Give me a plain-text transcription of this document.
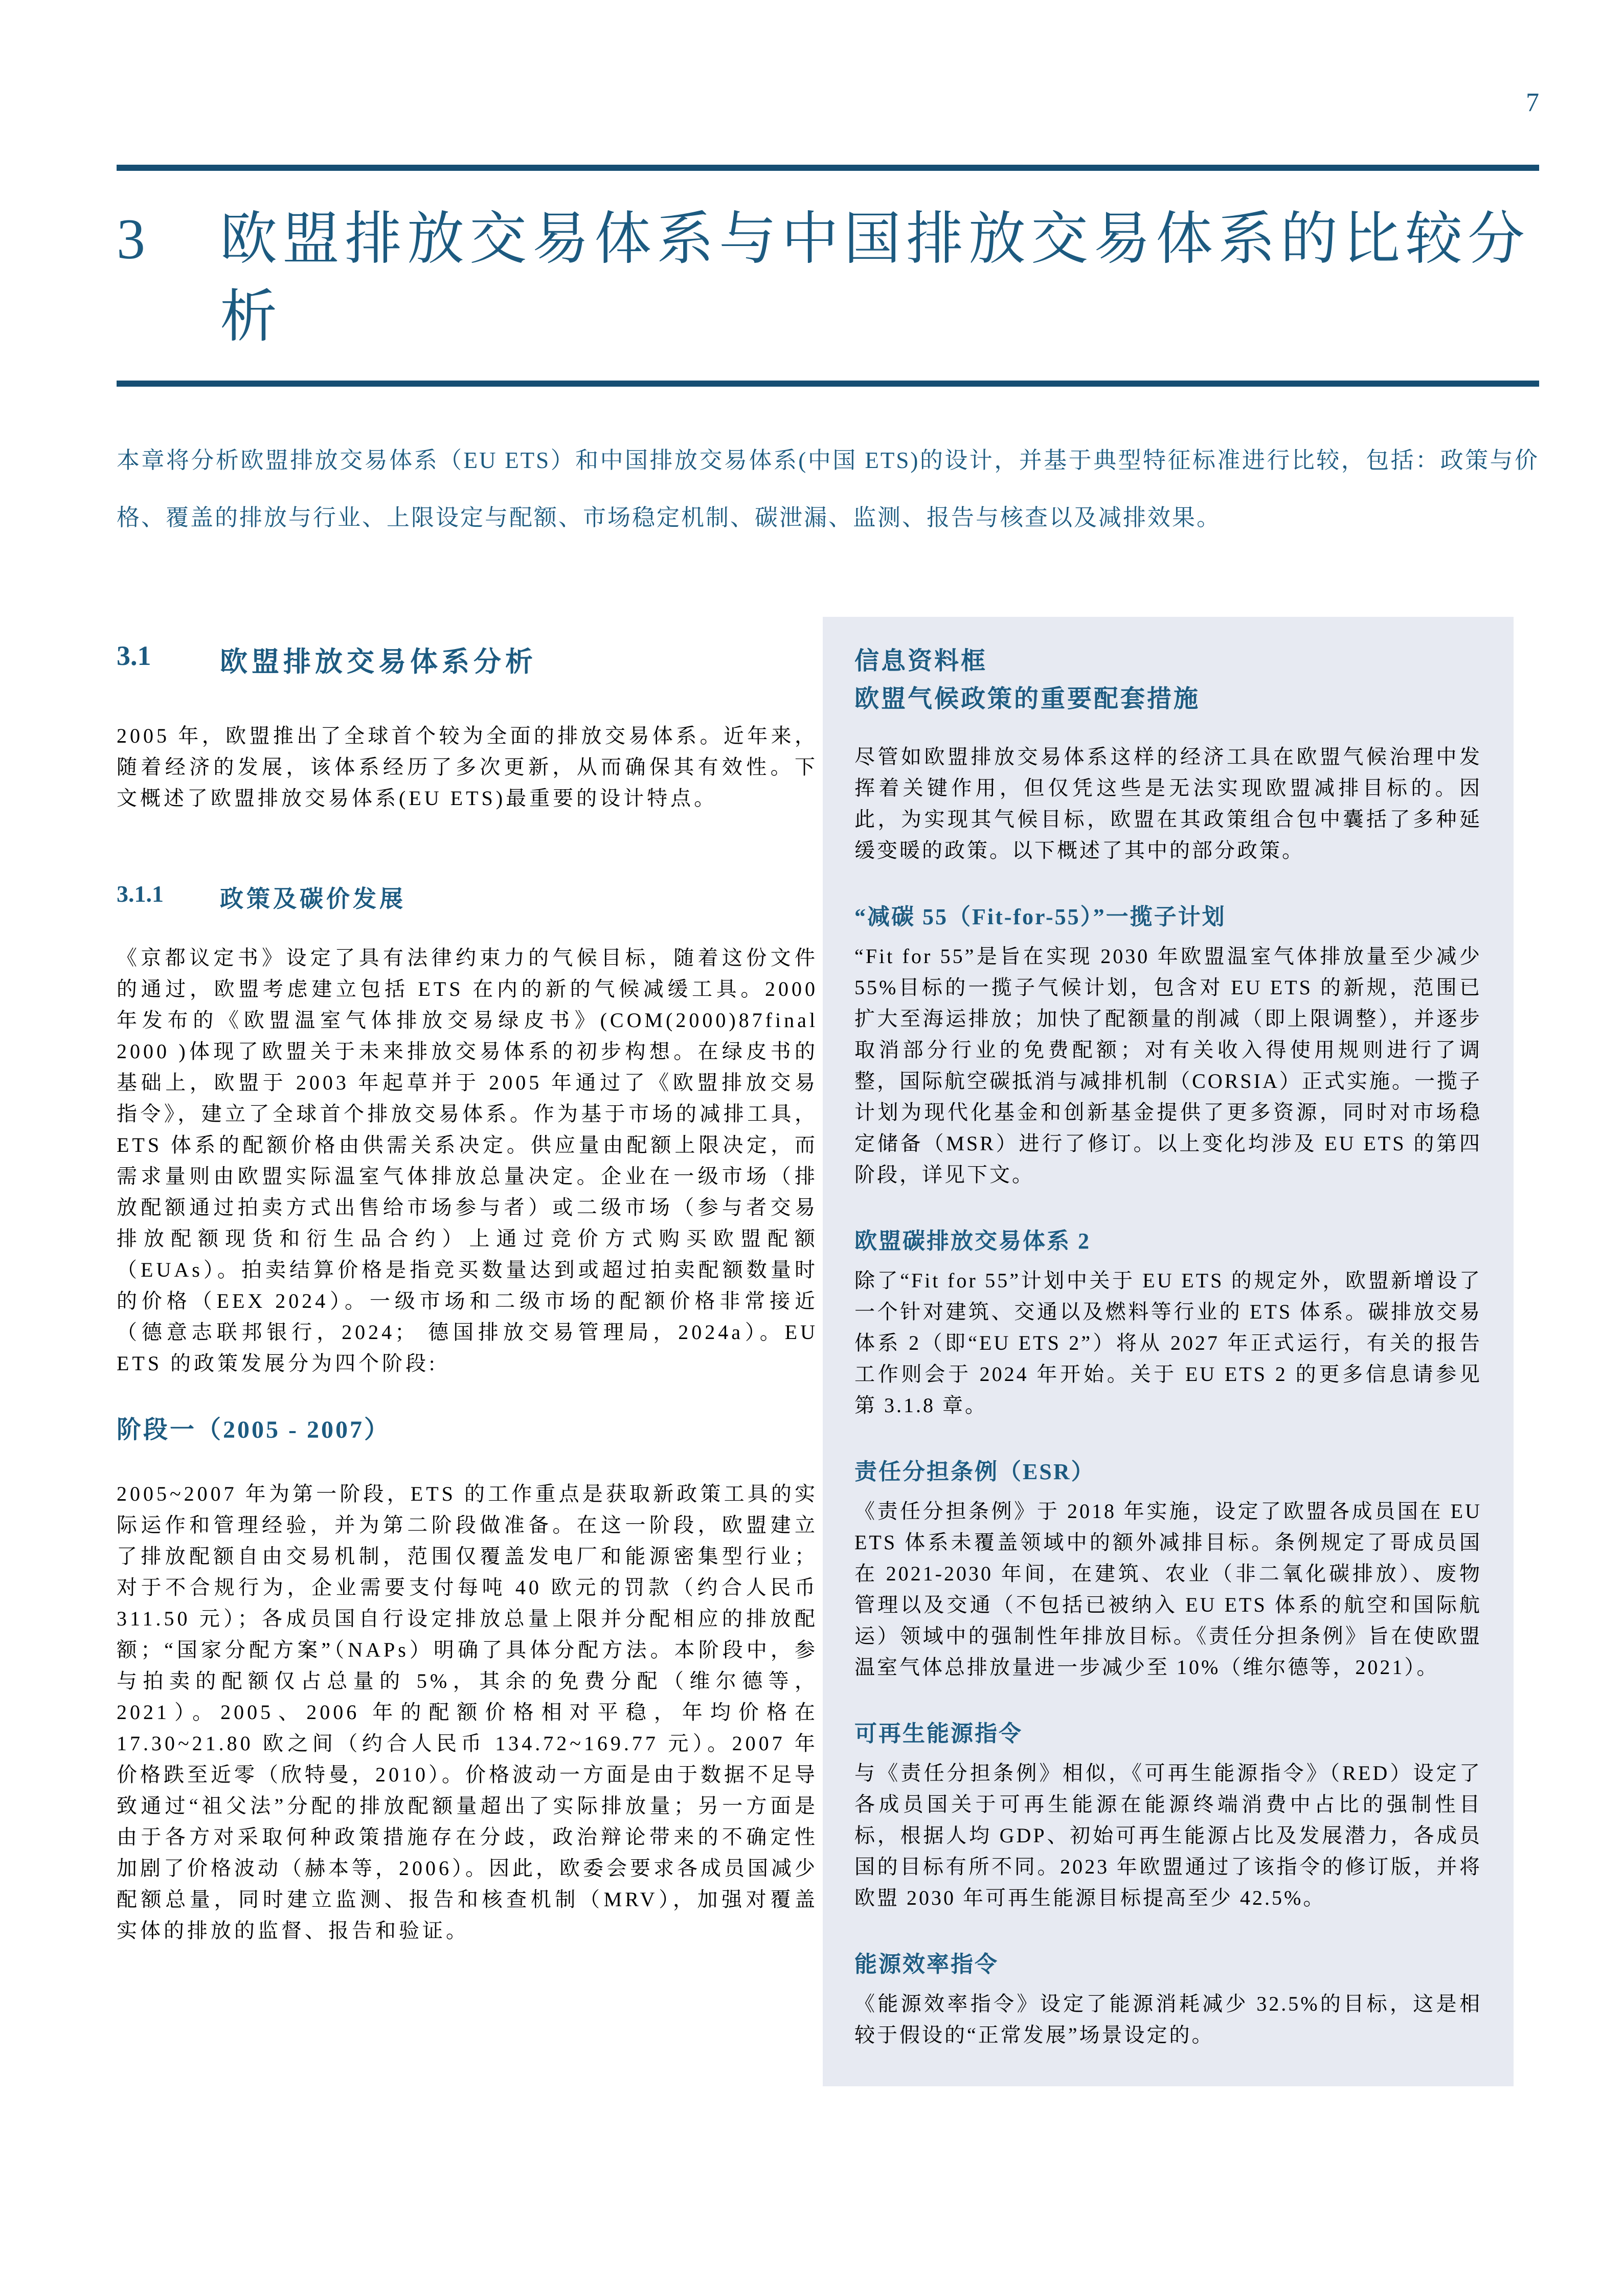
7
3	欧盟排放交易体系与中国排放交易体系的比较分
析

本章将分析欧盟排放交易体系（EU ETS）和中国排放交易体系(中国 ETS)的设计，并基于典型特征标准进行比较，包括：政策与价格、覆盖的排放与行业、上限设定与配额、市场稳定机制、碳泄漏、监测、报告与核查以及减排效果。

3.1	欧盟排放交易体系分析

2005 年，欧盟推出了全球首个较为全面的排放交易体系。近年来，随着经济的发展，该体系经历了多次更新，从而确保其有效性。下文概述了欧盟排放交易体系(EU ETS)最重要的设计特点。

3.1.1	政策及碳价发展

《京都议定书》设定了具有法律约束力的气候目标，随着这份文件的通过，欧盟考虑建立包括 ETS 在内的新的气候减缓工具。2000 年发布的《欧盟温室气体排放交易绿皮书》(COM(2000)87final 2000 )体现了欧盟关于未来排放交易体系的初步构想。在绿皮书的基础上，欧盟于 2003 年起草并于 2005 年通过了《欧盟排放交易指令》，建立了全球首个排放交易体系。作为基于市场的减排工具，ETS 体系的配额价格由供需关系决定。供应量由配额上限决定，而需求量则由欧盟实际温室气体排放总量决定。企业在一级市场（排放配额通过拍卖方式出售给市场参与者）或二级市场（参与者交易排放配额现货和衍生品合约）上通过竞价方式购买欧盟配额（EUAs）。拍卖结算价格是指竞买数量达到或超过拍卖配额数量时的价格（EEX 2024）。一级市场和二级市场的配额价格非常接近（德意志联邦银行，2024； 德国排放交易管理局，2024a）。EU ETS 的政策发展分为四个阶段:

阶段一（2005 - 2007）

2005~2007 年为第一阶段，ETS 的工作重点是获取新政策工具的实际运作和管理经验，并为第二阶段做准备。在这一阶段，欧盟建立了排放配额自由交易机制，范围仅覆盖发电厂和能源密集型行业；对于不合规行为，企业需要支付每吨 40 欧元的罚款（约合人民币 311.50 元）；各成员国自行设定排放总量上限并分配相应的排放配额；“国家分配方案”（NAPs）明确了具体分配方法。本阶段中，参与拍卖的配额仅占总量的 5%，其余的免费分配（维尔德等，2021）。2005、2006 年的配额价格相对平稳，年均价格在 17.30~21.80 欧之间（约合人民币 134.72~169.77 元）。2007 年价格跌至近零（欣特曼，2010）。价格波动一方面是由于数据不足导致通过“祖父法”分配的排放配额量超出了实际排放量；另一方面是由于各方对采取何种政策措施存在分歧，政治辩论带来的不确定性加剧了价格波动（赫本等，2006）。因此，欧委会要求各成员国减少配额总量，同时建立监测、报告和核查机制（MRV），加强对覆盖实体的排放的监督、报告和验证。

信息资料框
欧盟气候政策的重要配套措施

尽管如欧盟排放交易体系这样的经济工具在欧盟气候治理中发挥着关键作用，但仅凭这些是无法实现欧盟减排目标的。因此，为实现其气候目标，欧盟在其政策组合包中囊括了多种延缓变暖的政策。以下概述了其中的部分政策。

“减碳 55（Fit-for-55）”一揽子计划

“Fit for 55”是旨在实现 2030 年欧盟温室气体排放量至少减少 55%目标的一揽子气候计划，包含对 EU ETS 的新规，范围已扩大至海运排放；加快了配额量的削减（即上限调整），并逐步取消部分行业的免费配额；对有关收入得使用规则进行了调整，国际航空碳抵消与减排机制（CORSIA）正式实施。一揽子计划为现代化基金和创新基金提供了更多资源，同时对市场稳定储备（MSR）进行了修订。以上变化均涉及 EU ETS 的第四阶段，详见下文。

欧盟碳排放交易体系 2

除了“Fit for 55”计划中关于 EU ETS 的规定外，欧盟新增设了一个针对建筑、交通以及燃料等行业的 ETS 体系。碳排放交易体系 2（即“EU ETS 2”）将从 2027 年正式运行，有关的报告工作则会于 2024 年开始。关于 EU ETS 2 的更多信息请参见第 3.1.8 章。

责任分担条例（ESR）

《责任分担条例》于 2018 年实施，设定了欧盟各成员国在 EU ETS 体系未覆盖领域中的额外减排目标。条例规定了哥成员国在 2021-2030 年间，在建筑、农业（非二氧化碳排放）、废物管理以及交通（不包括已被纳入 EU ETS 体系的航空和国际航运）领域中的强制性年排放目标。《责任分担条例》旨在使欧盟温室气体总排放量进一步减少至 10%（维尔德等，2021）。

可再生能源指令

与《责任分担条例》相似，《可再生能源指令》（RED）设定了各成员国关于可再生能源在能源终端消费中占比的强制性目标，根据人均 GDP、初始可再生能源占比及发展潜力，各成员国的目标有所不同。2023 年欧盟通过了该指令的修订版，并将欧盟 2030 年可再生能源目标提高至少 42.5%。

能源效率指令

《能源效率指令》设定了能源消耗减少 32.5%的目标，这是相较于假设的“正常发展”场景设定的。
